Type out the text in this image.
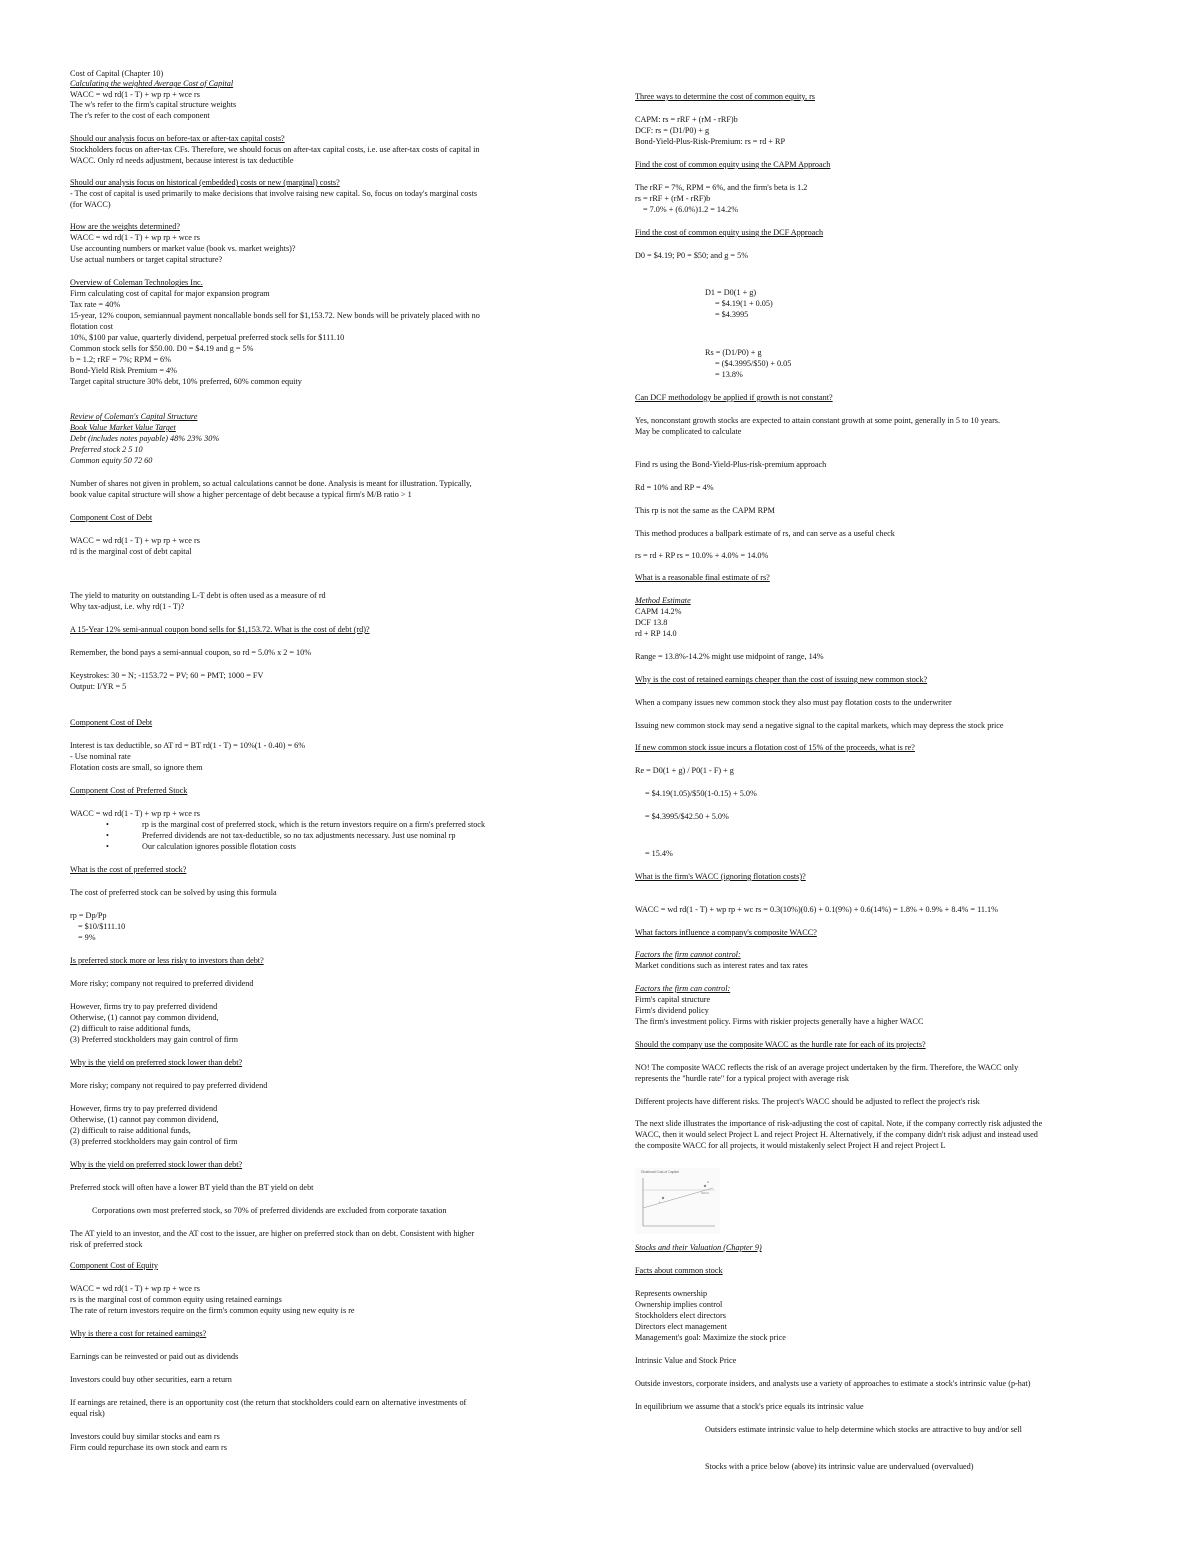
Cost of Capital (Chapter 10)
Calculating the weighted Average Cost of Capital
WACC = wd rd(1 - T) + wp rp + wce rs
The w's refer to the firm's capital structure weights
The r's refer to the cost of each component
Should our analysis focus on before-tax or after-tax capital costs?
Stockholders focus on after-tax CFs. Therefore, we should focus on after-tax capital costs, i.e. use after-tax costs of capital in
WACC. Only rd needs adjustment, because interest is tax deductible
Should our analysis focus on historical (embedded) costs or new (marginal) costs?
- The cost of capital is used primarily to make decisions that involve raising new capital. So, focus on today's marginal costs
(for WACC)
How are the weights determined?
WACC = wd rd(1 - T) + wp rp + wce rs
Use accounting numbers or market value (book vs. market weights)?
Use actual numbers or target capital structure?
Overview of Coleman Technologies Inc.
Firm calculating cost of capital for major expansion program
Tax rate = 40%
15-year, 12% coupon, semiannual payment noncallable bonds sell for $1,153.72. New bonds will be privately placed with no
flotation cost
10%, $100 par value, quarterly dividend, perpetual preferred stock sells for $111.10
Common stock sells for $50.00. D0 = $4.19 and g = 5%
b = 1.2; rRF = 7%; RPM = 6%
Bond-Yield Risk Premium = 4%
Target capital structure 30% debt, 10% preferred, 60% common equity
Review of Coleman's Capital Structure
Book Value Market Value Target
Debt (includes notes payable) 48% 23% 30%
Preferred stock 2 5 10
Common equity 50 72 60
Number of shares not given in problem, so actual calculations cannot be done. Analysis is meant for illustration. Typically,
book value capital structure will show a higher percentage of debt because a typical firm's M/B ratio > 1
Component Cost of Debt
WACC = wd rd(1 - T) + wp rp + wce rs
rd is the marginal cost of debt capital
The yield to maturity on outstanding L-T debt is often used as a measure of rd
Why tax-adjust, i.e. why rd(1 - T)?
A 15-Year 12% semi-annual coupon bond sells for $1,153.72. What is the cost of debt (rd)?
Remember, the bond pays a semi-annual coupon, so rd = 5.0% x 2 = 10%
Keystrokes: 30 = N; -1153.72 = PV; 60 = PMT; 1000 = FV
Output: I/YR = 5
Component Cost of Debt
Interest is tax deductible, so AT rd = BT rd(1 - T) = 10%(1 - 0.40) = 6%
- Use nominal rate
Flotation costs are small, so ignore them
Component Cost of Preferred Stock
WACC = wd rd(1 - T) + wp rp + wce rs
rp is the marginal cost of preferred stock, which is the return investors require on a firm's preferred stock
•
Preferred dividends are not tax-deductible, so no tax adjustments necessary. Just use nominal rp
•
Our calculation ignores possible flotation costs
•
What is the cost of preferred stock?
The cost of preferred stock can be solved by using this formula
rp = Dp/Pp
= $10/$111.10
= 9%
Is preferred stock more or less risky to investors than debt?
More risky; company not required to preferred dividend
However, firms try to pay preferred dividend
Otherwise, (1) cannot pay common dividend,
(2) difficult to raise additional funds,
(3) Preferred stockholders may gain control of firm
Why is the yield on preferred stock lower than debt?
More risky; company not required to pay preferred dividend
However, firms try to pay preferred dividend
Otherwise, (1) cannot pay common dividend,
(2) difficult to raise additional funds,
(3) preferred stockholders may gain control of firm
Why is the yield on preferred stock lower than debt?
Preferred stock will often have a lower BT yield than the BT yield on debt
Corporations own most preferred stock, so 70% of preferred dividends are excluded from corporate taxation
The AT yield to an investor, and the AT cost to the issuer, are higher on preferred stock than on debt. Consistent with higher
risk of preferred stock
Component Cost of Equity
WACC = wd rd(1 - T) + wp rp + wce rs
rs is the marginal cost of common equity using retained earnings
The rate of return investors require on the firm's common equity using new equity is re
Why is there a cost for retained earnings?
Earnings can be reinvested or paid out as dividends
Investors could buy other securities, earn a return
If earnings are retained, there is an opportunity cost (the return that stockholders could earn on alternative investments of
equal risk)
Investors could buy similar stocks and earn rs
Firm could repurchase its own stock and earn rs
Three ways to determine the cost of common equity, rs
CAPM: rs = rRF + (rM - rRF)b
DCF: rs = (D1/P0) + g
Bond-Yield-Plus-Risk-Premium: rs = rd + RP
Find the cost of common equity using the CAPM Approach
The rRF = 7%, RPM = 6%, and the firm's beta is 1.2
rs = rRF + (rM - rRF)b
= 7.0% + (6.0%)1.2 = 14.2%
Find the cost of common equity using the DCF Approach
D0 = $4.19; P0 = $50; and g = 5%
D1 = D0(1 + g)
= $4.19(1 + 0.05)
= $4.3995
Rs = (D1/P0) + g
= ($4.3995/$50) + 0.05
= 13.8%
Can DCF methodology be applied if growth is not constant?
Yes, nonconstant growth stocks are expected to attain constant growth at some point, generally in 5 to 10 years.
May be complicated to calculate
Find rs using the Bond-Yield-Plus-risk-premium approach
Rd = 10% and RP = 4%
This rp is not the same as the CAPM RPM
This method produces a ballpark estimate of rs, and can serve as a useful check
rs = rd + RP rs = 10.0% + 4.0% = 14.0%
What is a reasonable final estimate of rs?
Method Estimate
CAPM 14.2%
DCF 13.8
rd + RP 14.0
Range = 13.8%-14.2% might use midpoint of range, 14%
Why is the cost of retained earnings cheaper than the cost of issuing new common stock?
When a company issues new common stock they also must pay flotation costs to the underwriter
Issuing new common stock may send a negative signal to the capital markets, which may depress the stock price
If new common stock issue incurs a flotation cost of 15% of the proceeds, what is re?
Re = D0(1 + g) / P0(1 - F) + g
= $4.19(1.05)/$50(1-0.15) + 5.0%
= $4.3995/$42.50 + 5.0%
= 15.4%
What is the firm's WACC (ignoring flotation costs)?
WACC = wd rd(1 - T) + wp rp + wc rs = 0.3(10%)(0.6) + 0.1(9%) + 0.6(14%) = 1.8% + 0.9% + 8.4% = 11.1%
What factors influence a company's composite WACC?
Factors the firm cannot control:
Market conditions such as interest rates and tax rates
Factors the firm can control:
Firm's capital structure
Firm's dividend policy
The firm's investment policy. Firms with riskier projects generally have a higher WACC
Should the company use the composite WACC as the hurdle rate for each of its projects?
NO! The composite WACC reflects the risk of an average project undertaken by the firm. Therefore, the WACC only
represents the "hurdle rate" for a typical project with average risk
Different projects have different risks. The project's WACC should be adjusted to reflect the project's risk
The next slide illustrates the importance of risk-adjusting the cost of capital. Note, if the company correctly risk adjusted the
WACC, then it would select Project L and reject Project H. Alternatively, if the company didn't risk adjust and instead used
the composite WACC for all projects, it would mistakenly select Project H and reject Project L
Stocks and their Valuation (Chapter 9)
Facts about common stock
Represents ownership
Ownership implies control
Stockholders elect directors
Directors elect management
Management's goal: Maximize the stock price
Intrinsic Value and Stock Price
Outside investors, corporate insiders, and analysts use a variety of approaches to estimate a stock's intrinsic value (p-hat)
In equilibrium we assume that a stock's price equals its intrinsic value
Outsiders estimate intrinsic value to help determine which stocks are attractive to buy and/or sell
Stocks with a price below (above) its intrinsic value are undervalued (overvalued)
Divisional Cost of Capital
H
L
WACC
